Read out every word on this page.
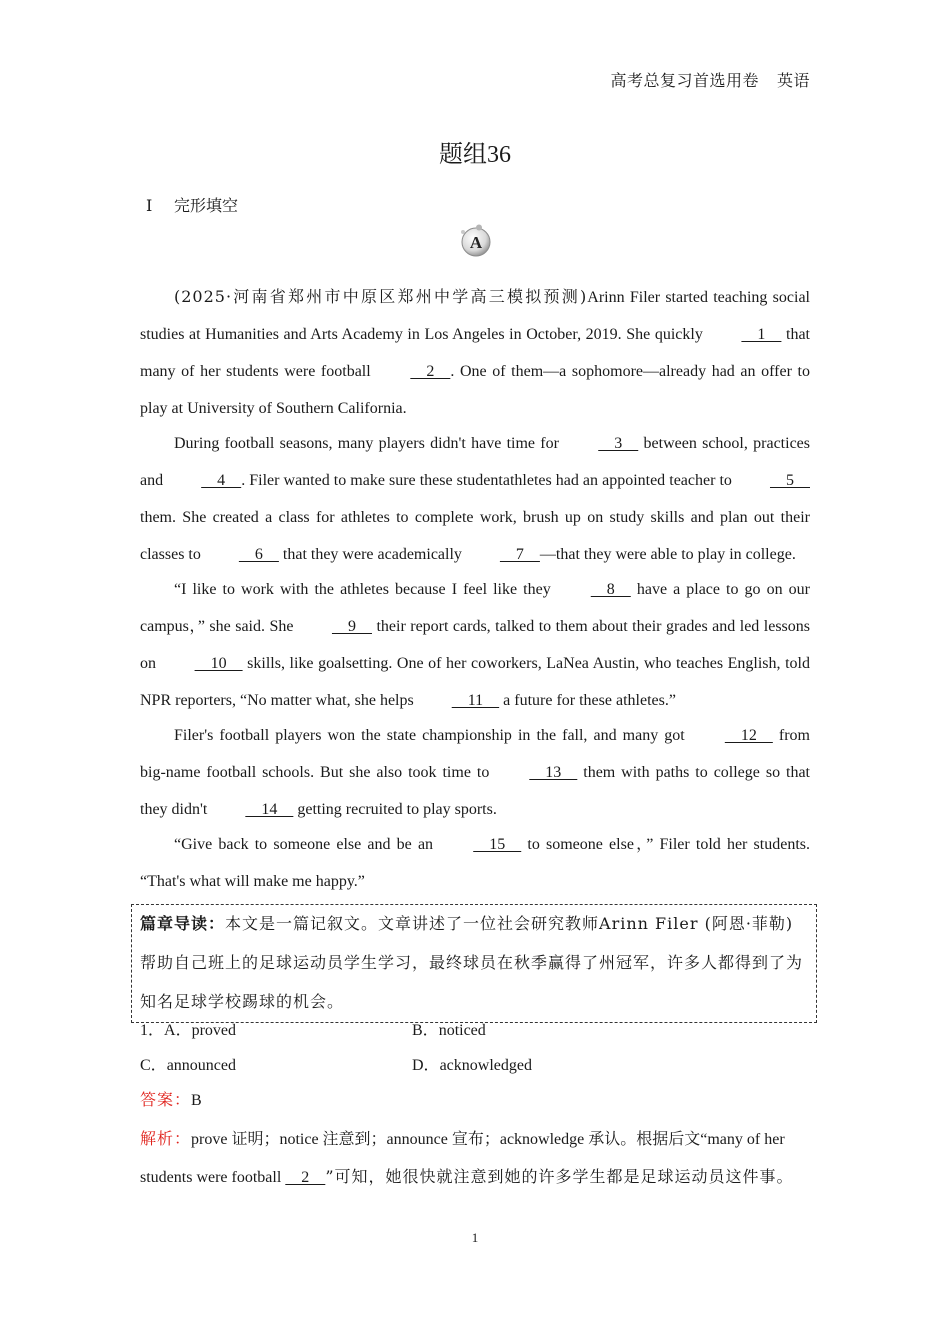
高考总复习首选用卷 英语
题组36
Ⅰ 完形填空
A

(2025·河南省郑州市中原区郑州中学高三模拟预测)Arinn Filer started teaching social studies at Humanities and Arts Academy in Los Angeles in October, 2019. She quickly 　1　 that many of her students were football 　2　. One of them—a sophomore—already had an offer to play at University of Southern California.

During football seasons, many players didn't have time for 　3　 between school, practices and 　4　. Filer wanted to make sure these studentathletes had an appointed teacher to 　5　 them. She created a class for athletes to complete work, brush up on study skills and plan out their classes to 　6　 that they were academically 　7　—that they were able to play in college.

“I like to work with the athletes because I feel like they 　8　 have a place to go on our campus，” she said. She 　9　 their report cards, talked to them about their grades and led lessons on 　10　 skills, like goalsetting. One of her coworkers, LaNea Austin, who teaches English, told NPR reporters, “No matter what, she helps 　11　 a future for these athletes.”

Filer's football players won the state championship in the fall, and many got 　12　 from big-name football schools. But she also took time to 　13　 them with paths to college so that they didn't 　14　 getting recruited to play sports.

“Give back to someone else and be an 　15　 to someone else，” Filer told her students. “That's what will make me happy.”

篇章导读：本文是一篇记叙文。文章讲述了一位社会研究教师Arinn Filer (阿恩·菲勒)帮助自己班上的足球运动员学生学习，最终球员在秋季赢得了州冠军，许多人都得到了为知名足球学校踢球的机会。
1．A．proved	B．noticed
C．announced	D．acknowledged
答案：B
解析：prove 证明；notice 注意到；announce 宣布；acknowledge 承认。根据后文“many of her students were football 　2　”可知，她很快就注意到她的许多学生都是足球运动员这件事。
1
